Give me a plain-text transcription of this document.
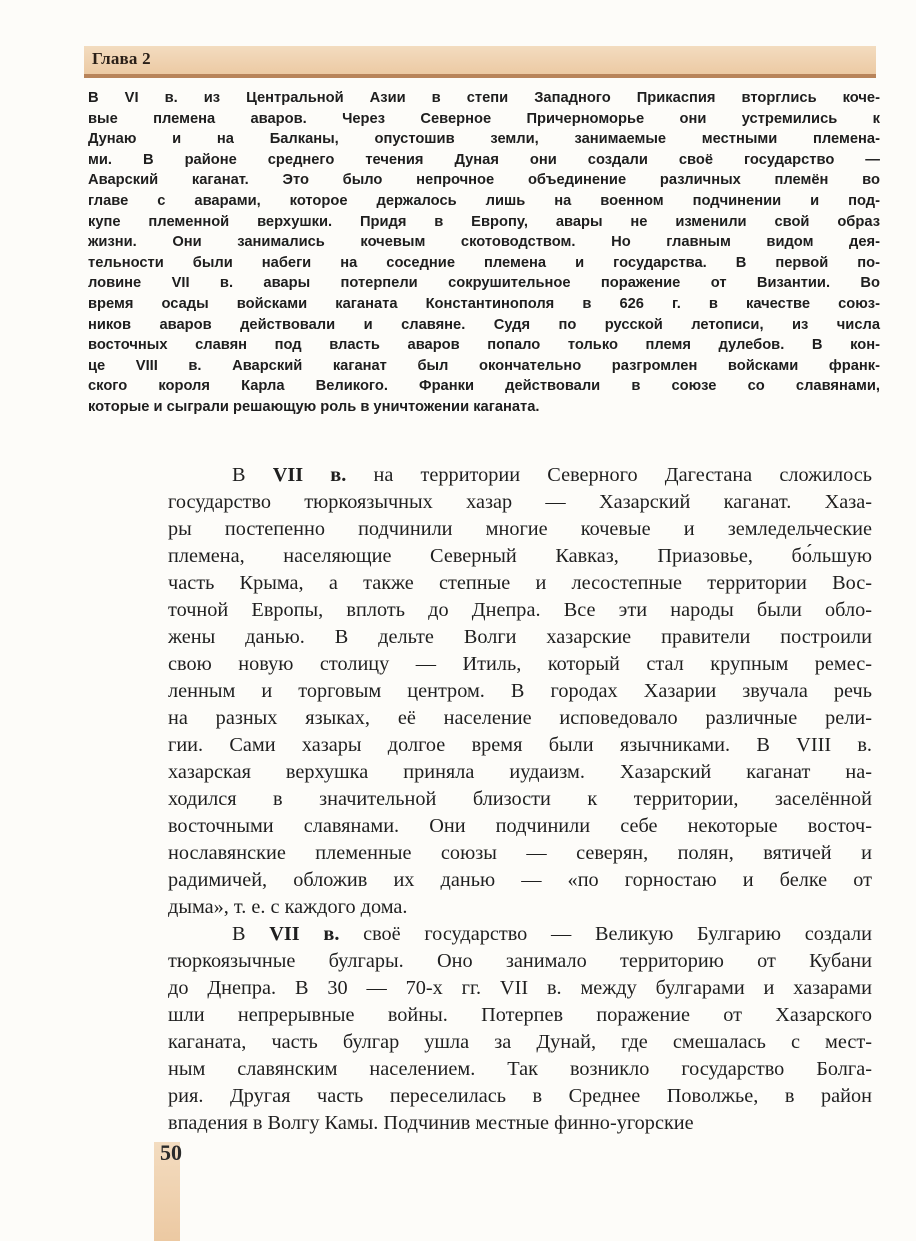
Глава 2
В VI в. из Центральной Азии в степи Западного Прикаспия вторглись коче-
вые племена аваров. Через Северное Причерноморье они устремились к
Дунаю и на Балканы, опустошив земли, занимаемые местными племена-
ми. В районе среднего течения Дуная они создали своё государство —
Аварский каганат. Это было непрочное объединение различных племён во
главе с аварами, которое держалось лишь на военном подчинении и под-
купе племенной верхушки. Придя в Европу, авары не изменили свой образ
жизни. Они занимались кочевым скотоводством. Но главным видом дея-
тельности были набеги на соседние племена и государства. В первой по-
ловине VII в. авары потерпели сокрушительное поражение от Византии. Во
время осады войсками каганата Константинополя в 626 г. в качестве союз-
ников аваров действовали и славяне. Судя по русской летописи, из числа
восточных славян под власть аваров попало только племя дулебов. В кон-
це VIII в. Аварский каганат был окончательно разгромлен войсками франк-
ского короля Карла Великого. Франки действовали в союзе со славянами,
которые и сыграли решающую роль в уничтожении каганата.
В VII в. на территории Северного Дагестана сложилось
государство тюркоязычных хазар — Хазарский каганат. Хаза-
ры постепенно подчинили многие кочевые и земледельческие
племена, населяющие Северный Кавказ, Приазовье, бо́льшую
часть Крыма, а также степные и лесостепные территории Вос-
точной Европы, вплоть до Днепра. Все эти народы были обло-
жены данью. В дельте Волги хазарские правители построили
свою новую столицу — Итиль, который стал крупным ремес-
ленным и торговым центром. В городах Хазарии звучала речь
на разных языках, её население исповедовало различные рели-
гии. Сами хазары долгое время были язычниками. В VIII в.
хазарская верхушка приняла иудаизм. Хазарский каганат на-
ходился в значительной близости к территории, заселённой
восточными славянами. Они подчинили себе некоторые восточ-
нославянские племенные союзы — северян, полян, вятичей и
радимичей, обложив их данью — «по горностаю и белке от
дыма», т. е. с каждого дома.
В VII в. своё государство — Великую Булгарию создали
тюркоязычные булгары. Оно занимало территорию от Кубани
до Днепра. В 30 — 70-х гг. VII в. между булгарами и хазарами
шли непрерывные войны. Потерпев поражение от Хазарского
каганата, часть булгар ушла за Дунай, где смешалась с мест-
ным славянским населением. Так возникло государство Болга-
рия. Другая часть переселилась в Среднее Поволжье, в район
впадения в Волгу Камы. Подчинив местные финно-угорские
50
